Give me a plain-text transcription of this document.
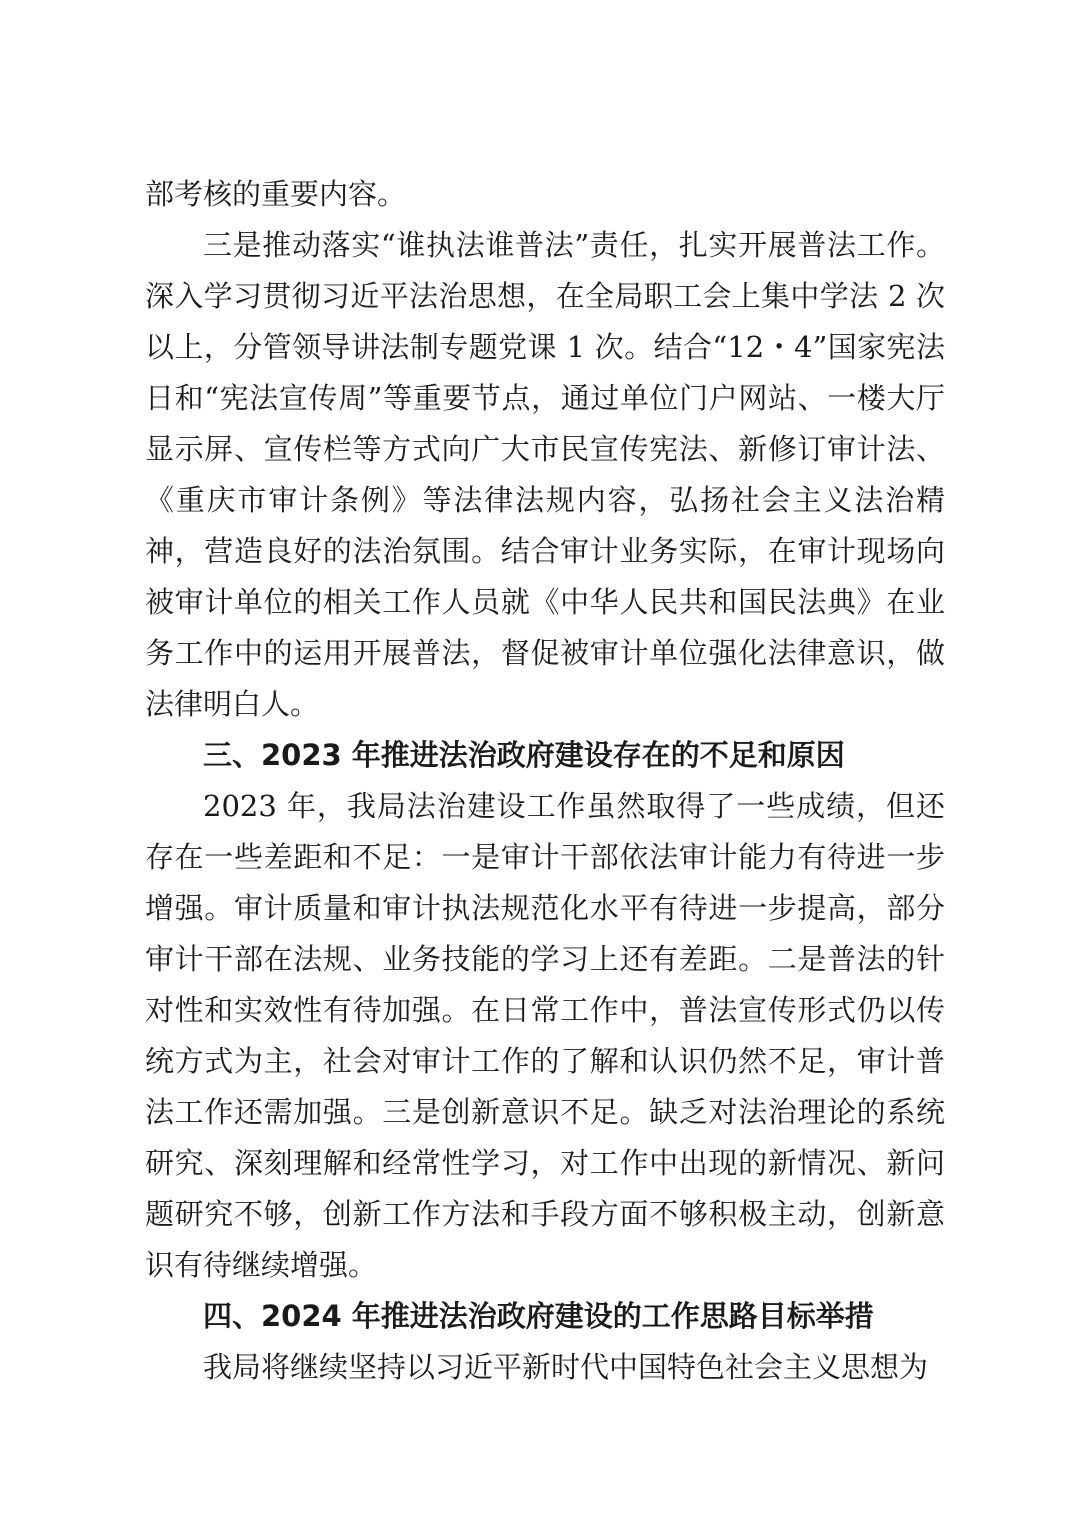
部考核的重要内容。

三是推动落实“谁执法谁普法”责任，扎实开展普法工作。深入学习贯彻习近平法治思想，在全局职工会上集中学法 2 次以上，分管领导讲法制专题党课 1 次。结合“12・4”国家宪法日和“宪法宣传周”等重要节点，通过单位门户网站、一楼大厅显示屏、宣传栏等方式向广大市民宣传宪法、新修订审计法、《重庆市审计条例》等法律法规内容，弘扬社会主义法治精神，营造良好的法治氛围。结合审计业务实际，在审计现场向被审计单位的相关工作人员就《中华人民共和国民法典》在业务工作中的运用开展普法，督促被审计单位强化法律意识，做法律明白人。

三、2023 年推进法治政府建设存在的不足和原因

2023 年，我局法治建设工作虽然取得了一些成绩，但还存在一些差距和不足：一是审计干部依法审计能力有待进一步增强。审计质量和审计执法规范化水平有待进一步提高，部分审计干部在法规、业务技能的学习上还有差距。二是普法的针对性和实效性有待加强。在日常工作中，普法宣传形式仍以传统方式为主，社会对审计工作的了解和认识仍然不足，审计普法工作还需加强。三是创新意识不足。缺乏对法治理论的系统研究、深刻理解和经常性学习，对工作中出现的新情况、新问题研究不够，创新工作方法和手段方面不够积极主动，创新意识有待继续增强。

四、2024 年推进法治政府建设的工作思路目标举措

我局将继续坚持以习近平新时代中国特色社会主义思想为
